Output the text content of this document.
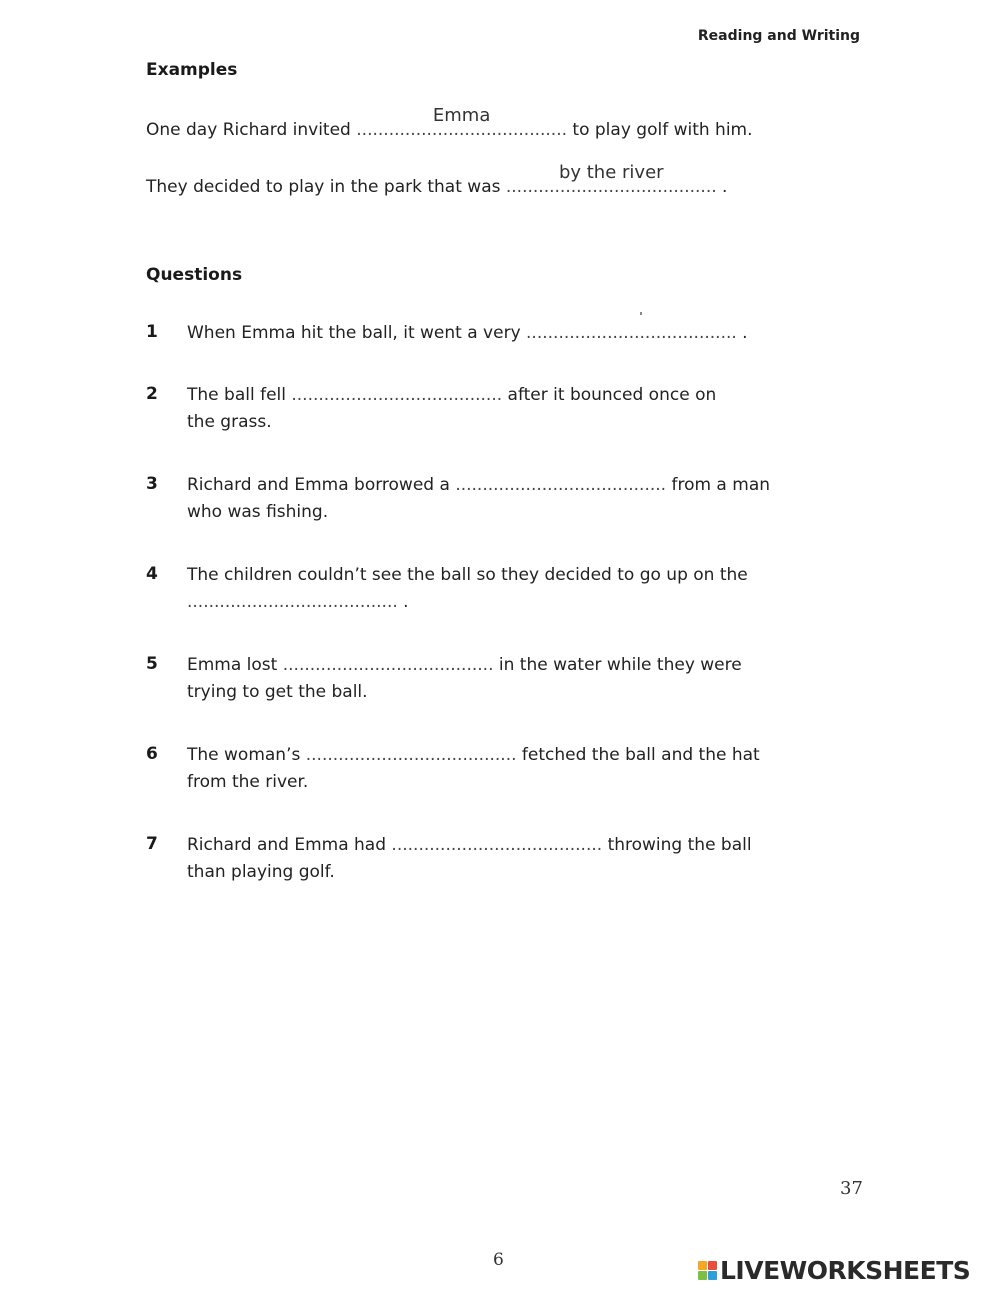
Reading and Writing
Examples
One day Richard invited .......................................
Emma
to play golf with him.
They decided to play in the park that was .......................................
by the river
.
Questions
1 When Emma hit the ball, it went a very ....................................... .
2 The ball fell ....................................... after it bounced once on the grass.
3 Richard and Emma borrowed a ....................................... from a man who was fishing.
4 The children couldn’t see the ball so they decided to go up on the ....................................... .
5 Emma lost ....................................... in the water while they were trying to get the ball.
6 The woman’s ....................................... fetched the ball and the hat from the river.
7 Richard and Emma had ....................................... throwing the ball than playing golf.
37
6	LIVEWORKSHEETS
